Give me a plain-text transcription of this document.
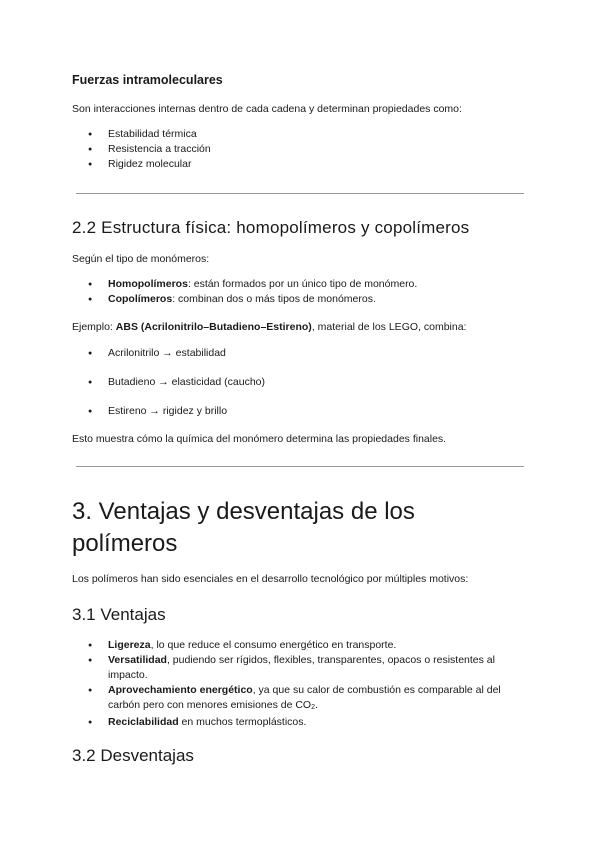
Fuerzas intramoleculares

Son interacciones internas dentro de cada cadena y determinan propiedades como:

● Estabilidad térmica
● Resistencia a tracción
● Rigidez molecular
2.2 Estructura física: homopolímeros y copolímeros

Según el tipo de monómeros:

● Homopolímeros: están formados por un único tipo de monómero.
● Copolímeros: combinan dos o más tipos de monómeros.

Ejemplo: ABS (Acrilonitrilo–Butadieno–Estireno), material de los LEGO, combina:

● Acrilonitrilo → estabilidad
● Butadieno → elasticidad (caucho)
● Estireno → rigidez y brillo

Esto muestra cómo la química del monómero determina las propiedades finales.

3. Ventajas y desventajas de los
polímeros

Los polímeros han sido esenciales en el desarrollo tecnológico por múltiples motivos:

3.1 Ventajas
● Ligereza, lo que reduce el consumo energético en transporte.
● Versatilidad, pudiendo ser rígidos, flexibles, transparentes, opacos o resistentes al impacto.
● Aprovechamiento energético, ya que su calor de combustión es comparable al del carbón pero con menores emisiones de $CO_2$.
● Reciclabilidad en muchos termoplásticos.
3.2 Desventajas
